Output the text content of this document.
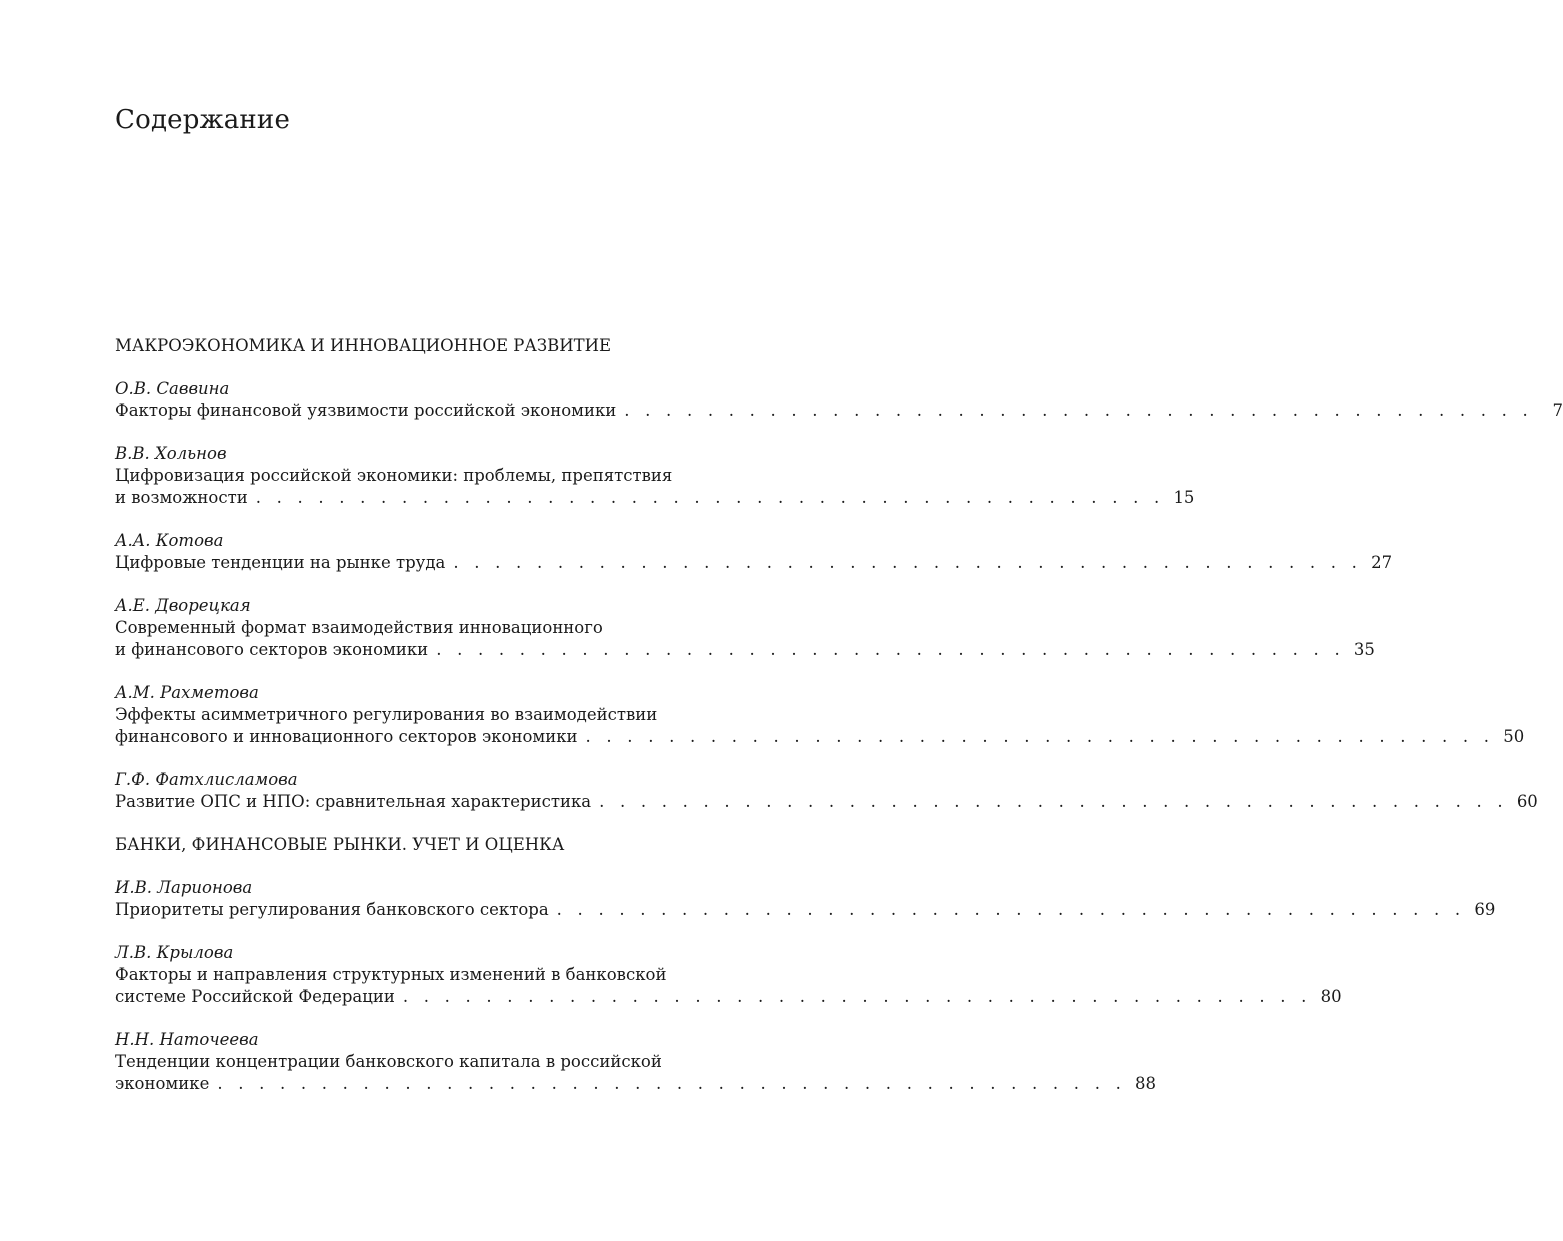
Содержание
МАКРОЭКОНОМИКА И ИННОВАЦИОННОЕ РАЗВИТИЕ
О.В. Саввина
Факторы финансовой уязвимости российской экономики . . . . . . . . . . . . . . . . . . . . . . . . . . . . . . . . . . . . . . . . . . . .	7
В.В. Хольнов
Цифровизация российской экономики: проблемы, препятствия
и возможности . . . . . . . . . . . . . . . . . . . . . . . . . . . . . . . . . . . . . . . . . . . . 15
А.А. Котова
Цифровые тенденции на рынке труда . . . . . . . . . . . . . . . . . . . . . . . . . . . . . . . . . . . . . . . . . . . . 27
А.Е. Дворецкая
Современный формат взаимодействия инновационного
и финансового секторов экономики . . . . . . . . . . . . . . . . . . . . . . . . . . . . . . . . . . . . . . . . . . . . 35
А.М. Рахметова
Эффекты асимметричного регулирования во взаимодействии
финансового и инновационного секторов экономики . . . . . . . . . . . . . . . . . . . . . . . . . . . . . . . . . . . . . . . . . . . . 50
Г.Ф. Фатхлисламова
Развитие ОПС и НПО: сравнительная характеристика . . . . . . . . . . . . . . . . . . . . . . . . . . . . . . . . . . . . . . . . . . . . 60
БАНКИ, ФИНАНСОВЫЕ РЫНКИ. УЧЕТ И ОЦЕНКА
И.В. Ларионова
Приоритеты регулирования банковского сектора . . . . . . . . . . . . . . . . . . . . . . . . . . . . . . . . . . . . . . . . . . . . 69
Л.В. Крылова
Факторы и направления структурных изменений в банковской
системе Российской Федерации . . . . . . . . . . . . . . . . . . . . . . . . . . . . . . . . . . . . . . . . . . . . 80
Н.Н. Наточеева
Тенденции концентрации банковского капитала в российской
экономике . . . . . . . . . . . . . . . . . . . . . . . . . . . . . . . . . . . . . . . . . . . . 88
